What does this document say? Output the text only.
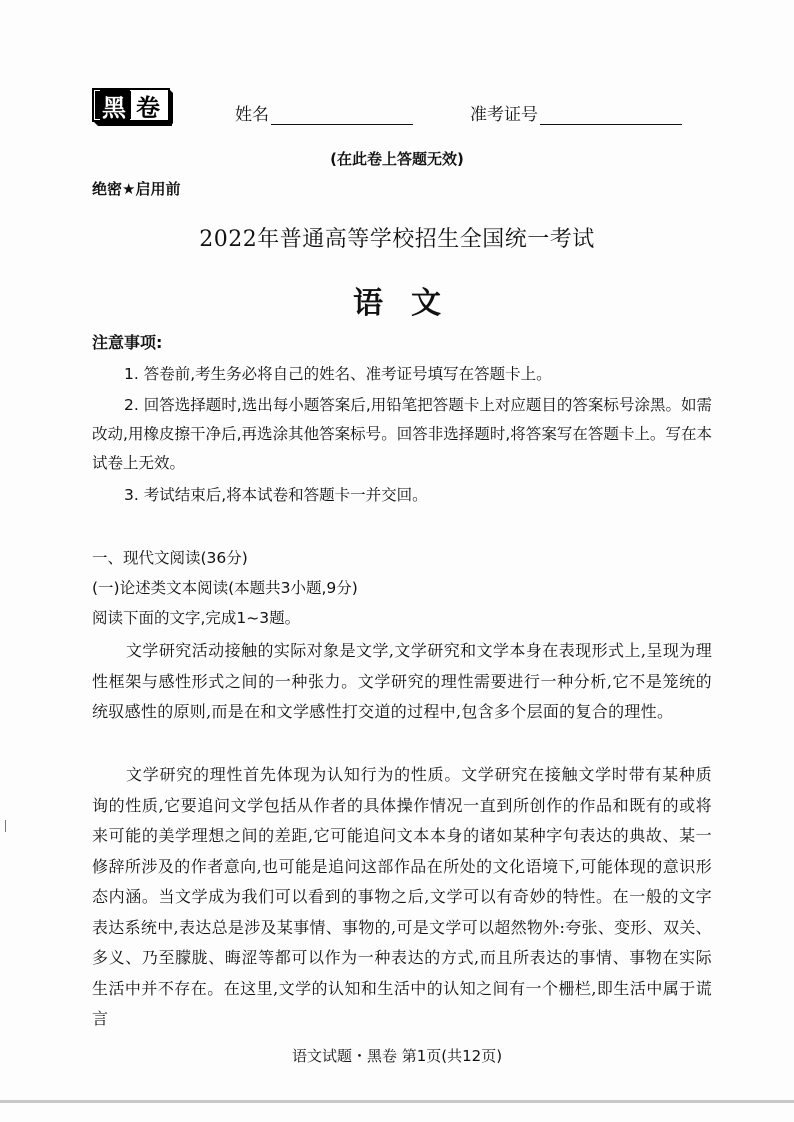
黑 卷	姓名	准考证号
(在此卷上答题无效)
绝密★启用前
2022年普通高等学校招生全国统一考试
语文
注意事项:
1. 答卷前,考生务必将自己的姓名、准考证号填写在答题卡上。
2. 回答选择题时,选出每小题答案后,用铅笔把答题卡上对应题目的答案标号涂黑。如需改动,用橡皮擦干净后,再选涂其他答案标号。回答非选择题时,将答案写在答题卡上。写在本试卷上无效。
3. 考试结束后,将本试卷和答题卡一并交回。
一、现代文阅读(36分)
(一)论述类文本阅读(本题共3小题,9分)
阅读下面的文字,完成1~3题。
文学研究活动接触的实际对象是文学,文学研究和文学本身在表现形式上,呈现为理性框架与感性形式之间的一种张力。文学研究的理性需要进行一种分析,它不是笼统的统驭感性的原则,而是在和文学感性打交道的过程中,包含多个层面的复合的理性。
文学研究的理性首先体现为认知行为的性质。文学研究在接触文学时带有某种质询的性质,它要追问文学包括从作者的具体操作情况一直到所创作的作品和既有的或将来可能的美学理想之间的差距,它可能追问文本本身的诸如某种字句表达的典故、某一修辞所涉及的作者意向,也可能是追问这部作品在所处的文化语境下,可能体现的意识形态内涵。当文学成为我们可以看到的事物之后,文学可以有奇妙的特性。在一般的文字表达系统中,表达总是涉及某事情、事物的,可是文学可以超然物外:夸张、变形、双关、多义、乃至朦胧、晦涩等都可以作为一种表达的方式,而且所表达的事情、事物在实际生活中并不存在。在这里,文学的认知和生活中的认知之间有一个栅栏,即生活中属于谎言
语文试题・黑卷 第1页(共12页)
